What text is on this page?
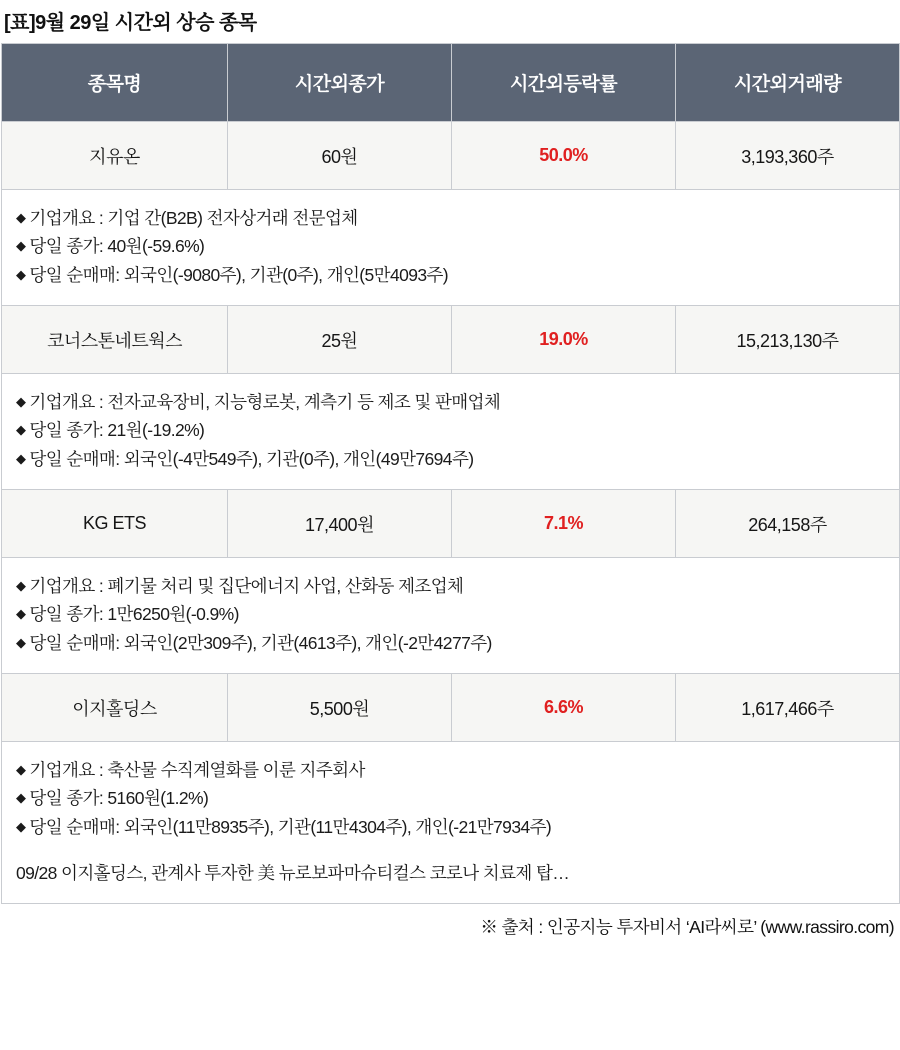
[표]9월 29일 시간외 상승 종목
종목명	시간외종가	시간외등락률	시간외거래량
지유온	60원	50.0%	3,193,360주

◆ 기업개요 : 기업 간(B2B) 전자상거래 전문업체
◆ 당일 종가: 40원(-59.6%)
◆ 당일 순매매: 외국인(-9080주), 기관(0주), 개인(5만4093주)			

코너스톤네트웍스	25원	19.0%	15,213,130주

◆ 기업개요 : 전자교육장비, 지능형로봇, 계측기 등 제조 및 판매업체
◆ 당일 종가: 21원(-19.2%)
◆ 당일 순매매: 외국인(-4만549주), 기관(0주), 개인(49만7694주)			

KG ETS	17,400원	7.1%	264,158주

◆ 기업개요 : 폐기물 처리 및 집단에너지 사업, 산화동 제조업체
◆ 당일 종가: 1만6250원(-0.9%)
◆ 당일 순매매: 외국인(2만309주), 기관(4613주), 개인(-2만4277주)			

이지홀딩스	5,500원	6.6%	1,617,466주

◆ 기업개요 : 축산물 수직계열화를 이룬 지주회사
◆ 당일 종가: 5160원(1.2%)
◆ 당일 순매매: 외국인(11만8935주), 기관(11만4304주), 개인(-21만7934주)
09/28 이지홀딩스, 관계사 투자한 美 뉴로보파마슈티컬스 코로나 치료제 탑…			
※ 출처 : 인공지능 투자비서 ‘AI라씨로’ (www.rassiro.com)
